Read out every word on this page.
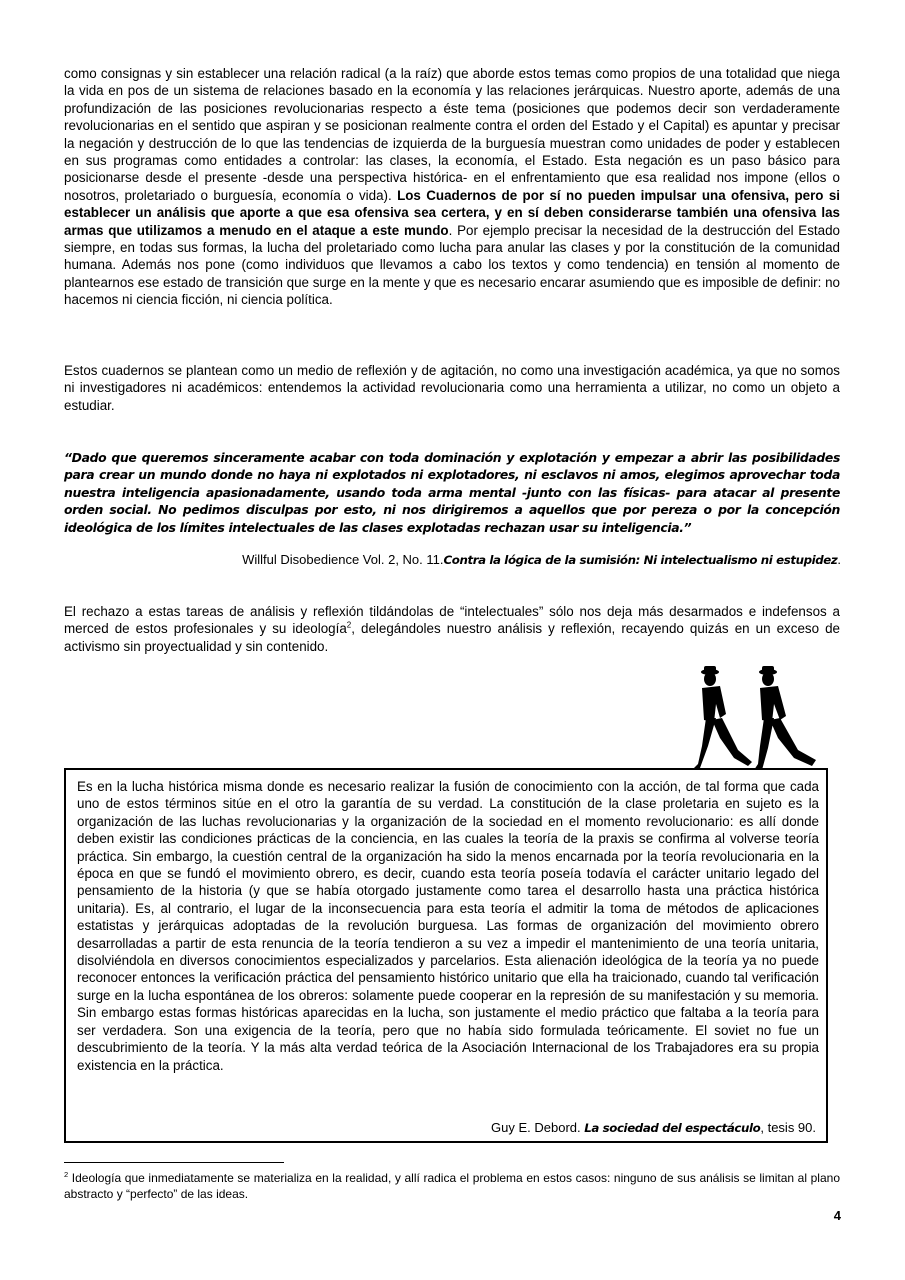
como consignas y sin establecer una relación radical (a la raíz) que aborde estos temas como propios de una totalidad que niega la vida en pos de un sistema de relaciones basado en la economía y las relaciones jerárquicas. Nuestro aporte, además de una profundización de las posiciones revolucionarias respecto a éste tema (posiciones que podemos decir son verdaderamente revolucionarias en el sentido que aspiran y se posicionan realmente contra el orden del Estado y el Capital) es apuntar y precisar la negación y destrucción de lo que las tendencias de izquierda de la burguesía muestran como unidades de poder y establecen en sus programas como entidades a controlar: las clases, la economía, el Estado. Esta negación es un paso básico para posicionarse desde el presente -desde una perspectiva histórica- en el enfrentamiento que esa realidad nos impone (ellos o nosotros, proletariado o burguesía, economía o vida). Los Cuadernos de por sí no pueden impulsar una ofensiva, pero si establecer un análisis que aporte a que esa ofensiva sea certera, y en sí deben considerarse también una ofensiva las armas que utilizamos a menudo en el ataque a este mundo. Por ejemplo precisar la necesidad de la destrucción del Estado siempre, en todas sus formas, la lucha del proletariado como lucha para anular las clases y por la constitución de la comunidad humana. Además nos pone (como individuos que llevamos a cabo los textos y como tendencia) en tensión al momento de plantearnos ese estado de transición que surge en la mente y que es necesario encarar asumiendo que es imposible de definir: no hacemos ni ciencia ficción, ni ciencia política.

Estos cuadernos se plantean como un medio de reflexión y de agitación, no como una investigación académica, ya que no somos ni investigadores ni académicos: entendemos la actividad revolucionaria como una herramienta a utilizar, no como un objeto a estudiar.

“Dado que queremos sinceramente acabar con toda dominación y explotación y empezar a abrir las posibilidades para crear un mundo donde no haya ni explotados ni explotadores, ni esclavos ni amos, elegimos aprovechar toda nuestra inteligencia apasionadamente, usando toda arma mental -junto con las físicas- para atacar al presente orden social. No pedimos disculpas por esto, ni nos dirigiremos a aquellos que por pereza o por la concepción ideológica de los límites intelectuales de las clases explotadas rechazan usar su inteligencia.”

Willful Disobedience Vol. 2, No. 11.Contra la lógica de la sumisión: Ni intelectualismo ni estupidez.

El rechazo a estas tareas de análisis y reflexión tildándolas de “intelectuales” sólo nos deja más desarmados e indefensos a merced de estos profesionales y su ideología$^2$, delegándoles nuestro análisis y reflexión, recayendo quizás en un exceso de activismo sin proyectualidad y sin contenido.

Es en la lucha histórica misma donde es necesario realizar la fusión de conocimiento con la acción, de tal forma que cada uno de estos términos sitúe en el otro la garantía de su verdad. La constitución de la clase proletaria en sujeto es la organización de las luchas revolucionarias y la organización de la sociedad en el momento revolucionario: es allí donde deben existir las condiciones prácticas de la conciencia, en las cuales la teoría de la praxis se confirma al volverse teoría práctica. Sin embargo, la cuestión central de la organización ha sido la menos encarnada por la teoría revolucionaria en la época en que se fundó el movimiento obrero, es decir, cuando esta teoría poseía todavía el carácter unitario legado del pensamiento de la historia (y que se había otorgado justamente como tarea el desarrollo hasta una práctica histórica unitaria). Es, al contrario, el lugar de la inconsecuencia para esta teoría el admitir la toma de métodos de aplicaciones estatistas y jerárquicas adoptadas de la revolución burguesa. Las formas de organización del movimiento obrero desarrolladas a partir de esta renuncia de la teoría tendieron a su vez a impedir el mantenimiento de una teoría unitaria, disolviéndola en diversos conocimientos especializados y parcelarios. Esta alienación ideológica de la teoría ya no puede reconocer entonces la verificación práctica del pensamiento histórico unitario que ella ha traicionado, cuando tal verificación surge en la lucha espontánea de los obreros: solamente puede cooperar en la represión de su manifestación y su memoria. Sin embargo estas formas históricas aparecidas en la lucha, son justamente el medio práctico que faltaba a la teoría para ser verdadera. Son una exigencia de la teoría, pero que no había sido formulada teóricamente. El soviet no fue un descubrimiento de la teoría. Y la más alta verdad teórica de la Asociación Internacional de los Trabajadores era su propia existencia en la práctica.

Guy E. Debord. La sociedad del espectáculo, tesis 90.

$^2$ Ideología que inmediatamente se materializa en la realidad, y allí radica el problema en estos casos: ninguno de sus análisis se limitan al plano abstracto y “perfecto” de las ideas.

4
